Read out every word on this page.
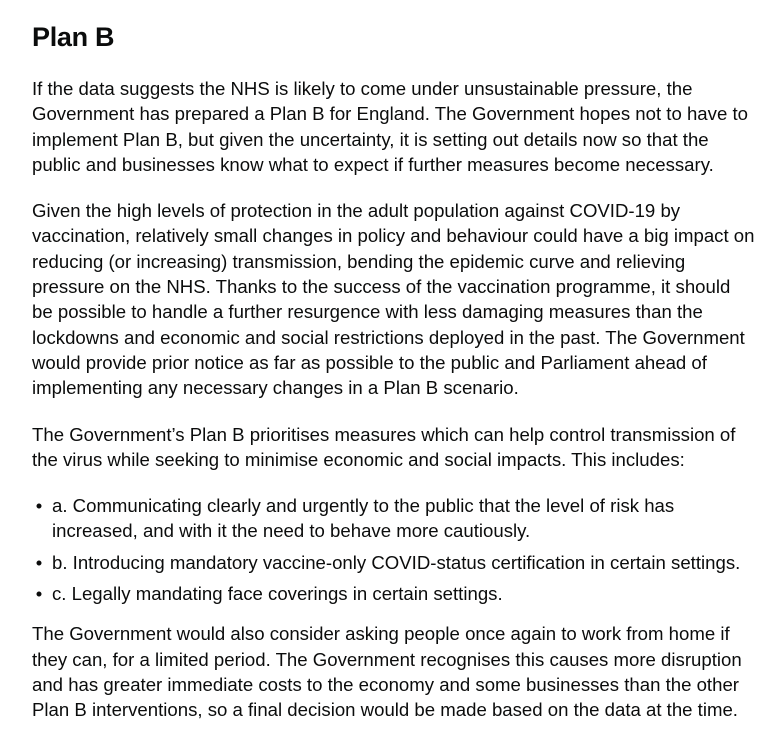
Plan B

If the data suggests the NHS is likely to come under unsustainable pressure, the Government has prepared a Plan B for England. The Government hopes not to have to implement Plan B, but given the uncertainty, it is setting out details now so that the public and businesses know what to expect if further measures become necessary.

Given the high levels of protection in the adult population against COVID-19 by vaccination, relatively small changes in policy and behaviour could have a big impact on reducing (or increasing) transmission, bending the epidemic curve and relieving pressure on the NHS. Thanks to the success of the vaccination programme, it should be possible to handle a further resurgence with less damaging measures than the lockdowns and economic and social restrictions deployed in the past. The Government would provide prior notice as far as possible to the public and Parliament ahead of implementing any necessary changes in a Plan B scenario.

The Government’s Plan B prioritises measures which can help control transmission of the virus while seeking to minimise economic and social impacts. This includes:

• a. Communicating clearly and urgently to the public that the level of risk has increased, and with it the need to behave more cautiously.
• b. Introducing mandatory vaccine-only COVID-status certification in certain settings.
• c. Legally mandating face coverings in certain settings.

The Government would also consider asking people once again to work from home if they can, for a limited period. The Government recognises this causes more disruption and has greater immediate costs to the economy and some businesses than the other Plan B interventions, so a final decision would be made based on the data at the time.
